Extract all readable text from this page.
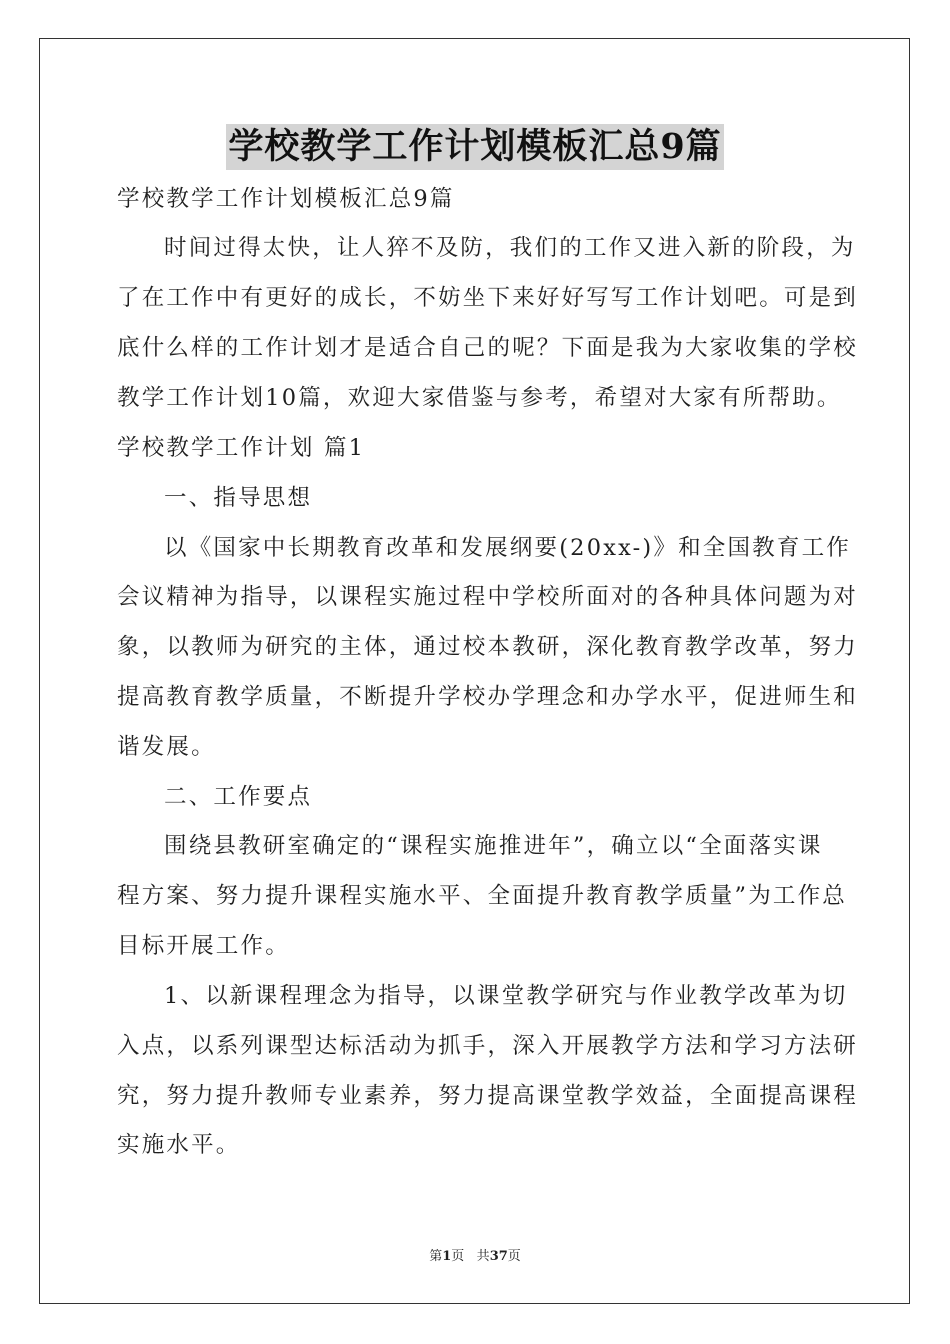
学校教学工作计划模板汇总9篇
学校教学工作计划模板汇总9篇
时间过得太快，让人猝不及防，我们的工作又进入新的阶段，为
了在工作中有更好的成长，不妨坐下来好好写写工作计划吧。可是到
底什么样的工作计划才是适合自己的呢？下面是我为大家收集的学校
教学工作计划10篇，欢迎大家借鉴与参考，希望对大家有所帮助。
学校教学工作计划 篇1
一、指导思想
以《国家中长期教育改革和发展纲要(20xx-)》和全国教育工作
会议精神为指导，以课程实施过程中学校所面对的各种具体问题为对
象，以教师为研究的主体，通过校本教研，深化教育教学改革，努力
提高教育教学质量，不断提升学校办学理念和办学水平，促进师生和
谐发展。
二、工作要点
围绕县教研室确定的“课程实施推进年”，确立以“全面落实课
程方案、努力提升课程实施水平、全面提升教育教学质量”为工作总
目标开展工作。
1、以新课程理念为指导，以课堂教学研究与作业教学改革为切
入点，以系列课型达标活动为抓手，深入开展教学方法和学习方法研
究，努力提升教师专业素养，努力提高课堂教学效益，全面提高课程
实施水平。
第1页 共37页
